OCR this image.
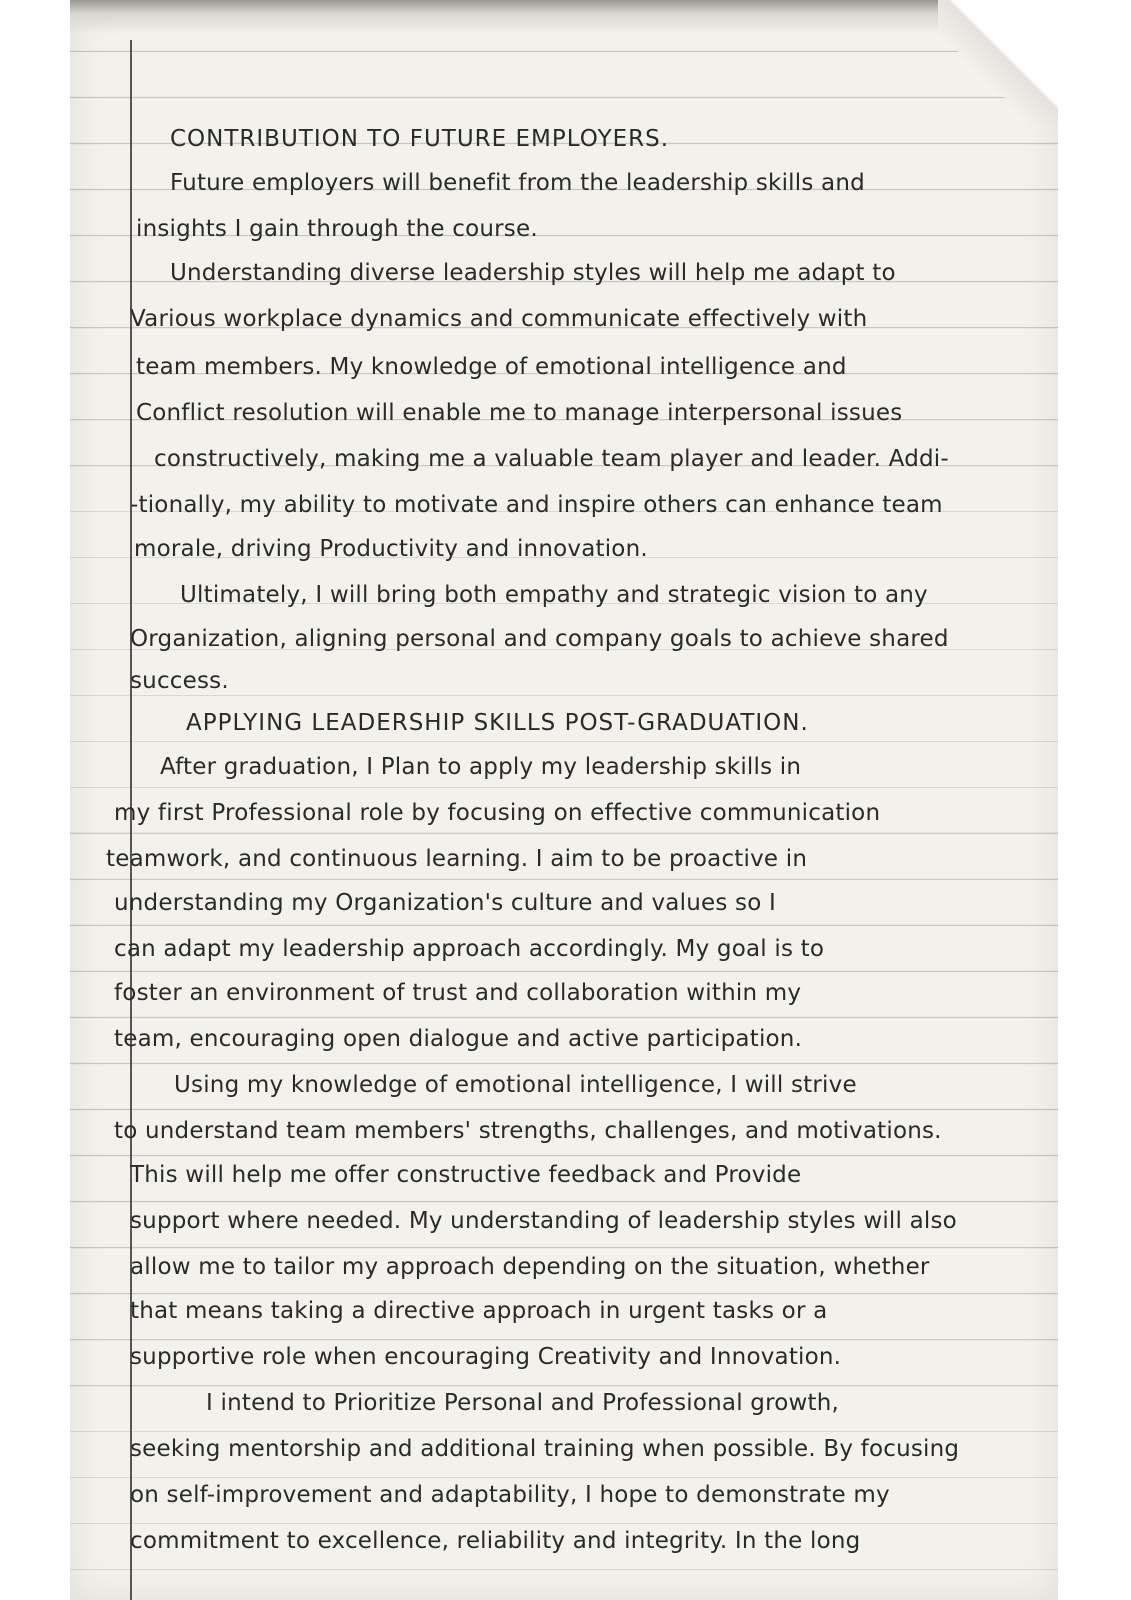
CONTRIBUTION TO FUTURE EMPLOYERS.
Future employers will benefit from the leadership skills and
insights I gain through the course.
Understanding diverse leadership styles will help me adapt to
Various workplace dynamics and communicate effectively with
team members. My knowledge of emotional intelligence and
Conflict resolution will enable me to manage interpersonal issues
constructively, making me a valuable team player and leader. Addi-
-tionally, my ability to motivate and inspire others can enhance team
morale, driving Productivity and innovation.
Ultimately, I will bring both empathy and strategic vision to any
Organization, aligning personal and company goals to achieve shared
success.
APPLYING LEADERSHIP SKILLS POST-GRADUATION.
After graduation, I Plan to apply my leadership skills in
my first Professional role by focusing on effective communication
teamwork, and continuous learning. I aim to be proactive in
understanding my Organization's culture and values so I
can adapt my leadership approach accordingly. My goal is to
foster an environment of trust and collaboration within my
team, encouraging open dialogue and active participation.
Using my knowledge of emotional intelligence, I will strive
to understand team members' strengths, challenges, and motivations.
This will help me offer constructive feedback and Provide
support where needed. My understanding of leadership styles will also
allow me to tailor my approach depending on the situation, whether
that means taking a directive approach in urgent tasks or a
supportive role when encouraging Creativity and Innovation.
I intend to Prioritize Personal and Professional growth,
seeking mentorship and additional training when possible. By focusing
on self-improvement and adaptability, I hope to demonstrate my
commitment to excellence, reliability and integrity. In the long
